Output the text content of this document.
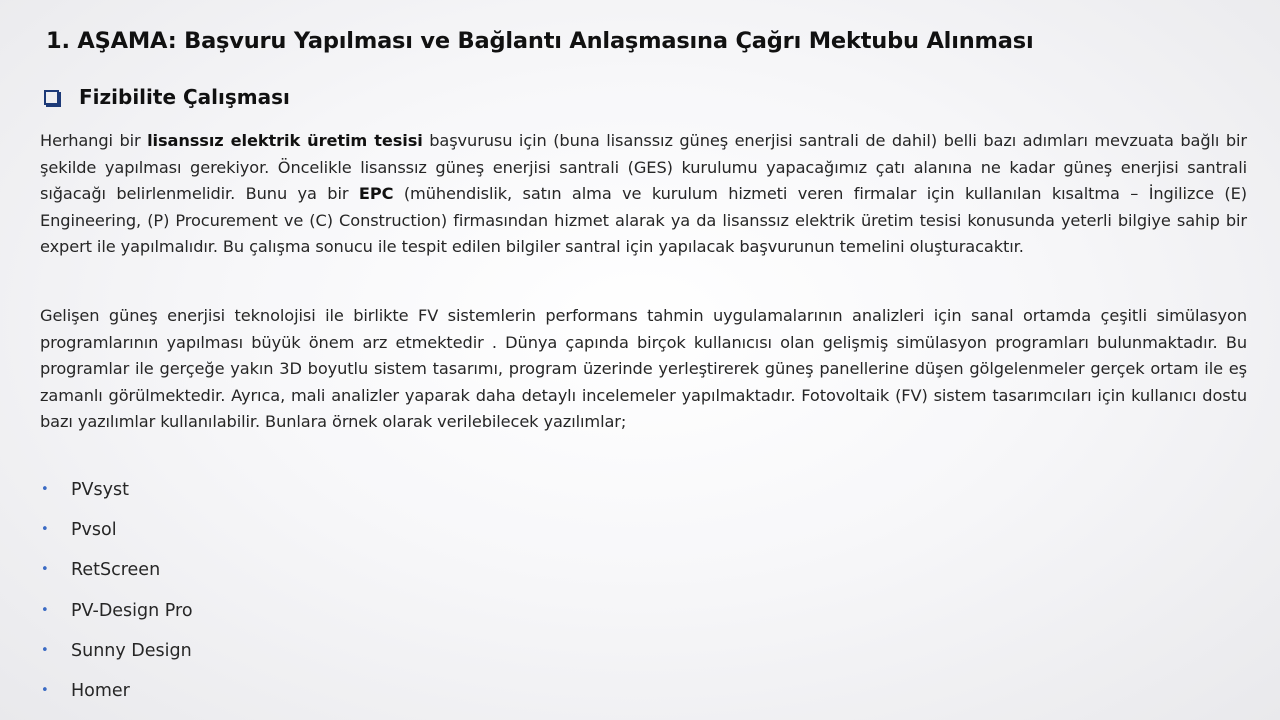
1. AŞAMA: Başvuru Yapılması ve Bağlantı Anlaşmasına Çağrı Mektubu Alınması
Fizibilite Çalışması
Herhangi bir lisanssız elektrik üretim tesisi başvurusu için (buna lisanssız güneş enerjisi santrali de dahil) belli bazı adımları mevzuata bağlı bir şekilde yapılması gerekiyor. Öncelikle lisanssız güneş enerjisi santrali (GES) kurulumu yapacağımız çatı alanına ne kadar güneş enerjisi santrali sığacağı belirlenmelidir. Bunu ya bir EPC (mühendislik, satın alma ve kurulum hizmeti veren firmalar için kullanılan kısaltma – İngilizce (E) Engineering, (P) Procurement ve (C) Construction) firmasından hizmet alarak ya da lisanssız elektrik üretim tesisi konusunda yeterli bilgiye sahip bir expert ile yapılmalıdır. Bu çalışma sonucu ile tespit edilen bilgiler santral için yapılacak başvurunun temelini oluşturacaktır.
Gelişen güneş enerjisi teknolojisi ile birlikte FV sistemlerin performans tahmin uygulamalarının analizleri için sanal ortamda çeşitli simülasyon programlarının yapılması büyük önem arz etmektedir . Dünya çapında birçok kullanıcısı olan gelişmiş simülasyon programları bulunmaktadır. Bu programlar ile gerçeğe yakın 3D boyutlu sistem tasarımı, program üzerinde yerleştirerek güneş panellerine düşen gölgelenmeler gerçek ortam ile eş zamanlı görülmektedir. Ayrıca, mali analizler yaparak daha detaylı incelemeler yapılmaktadır. Fotovoltaik (FV) sistem tasarımcıları için kullanıcı dostu bazı yazılımlar kullanılabilir. Bunlara örnek olarak verilebilecek yazılımlar;
•	PVsyst
•	Pvsol
•	RetScreen
•	PV-Design Pro
•	Sunny Design
•	Homer
